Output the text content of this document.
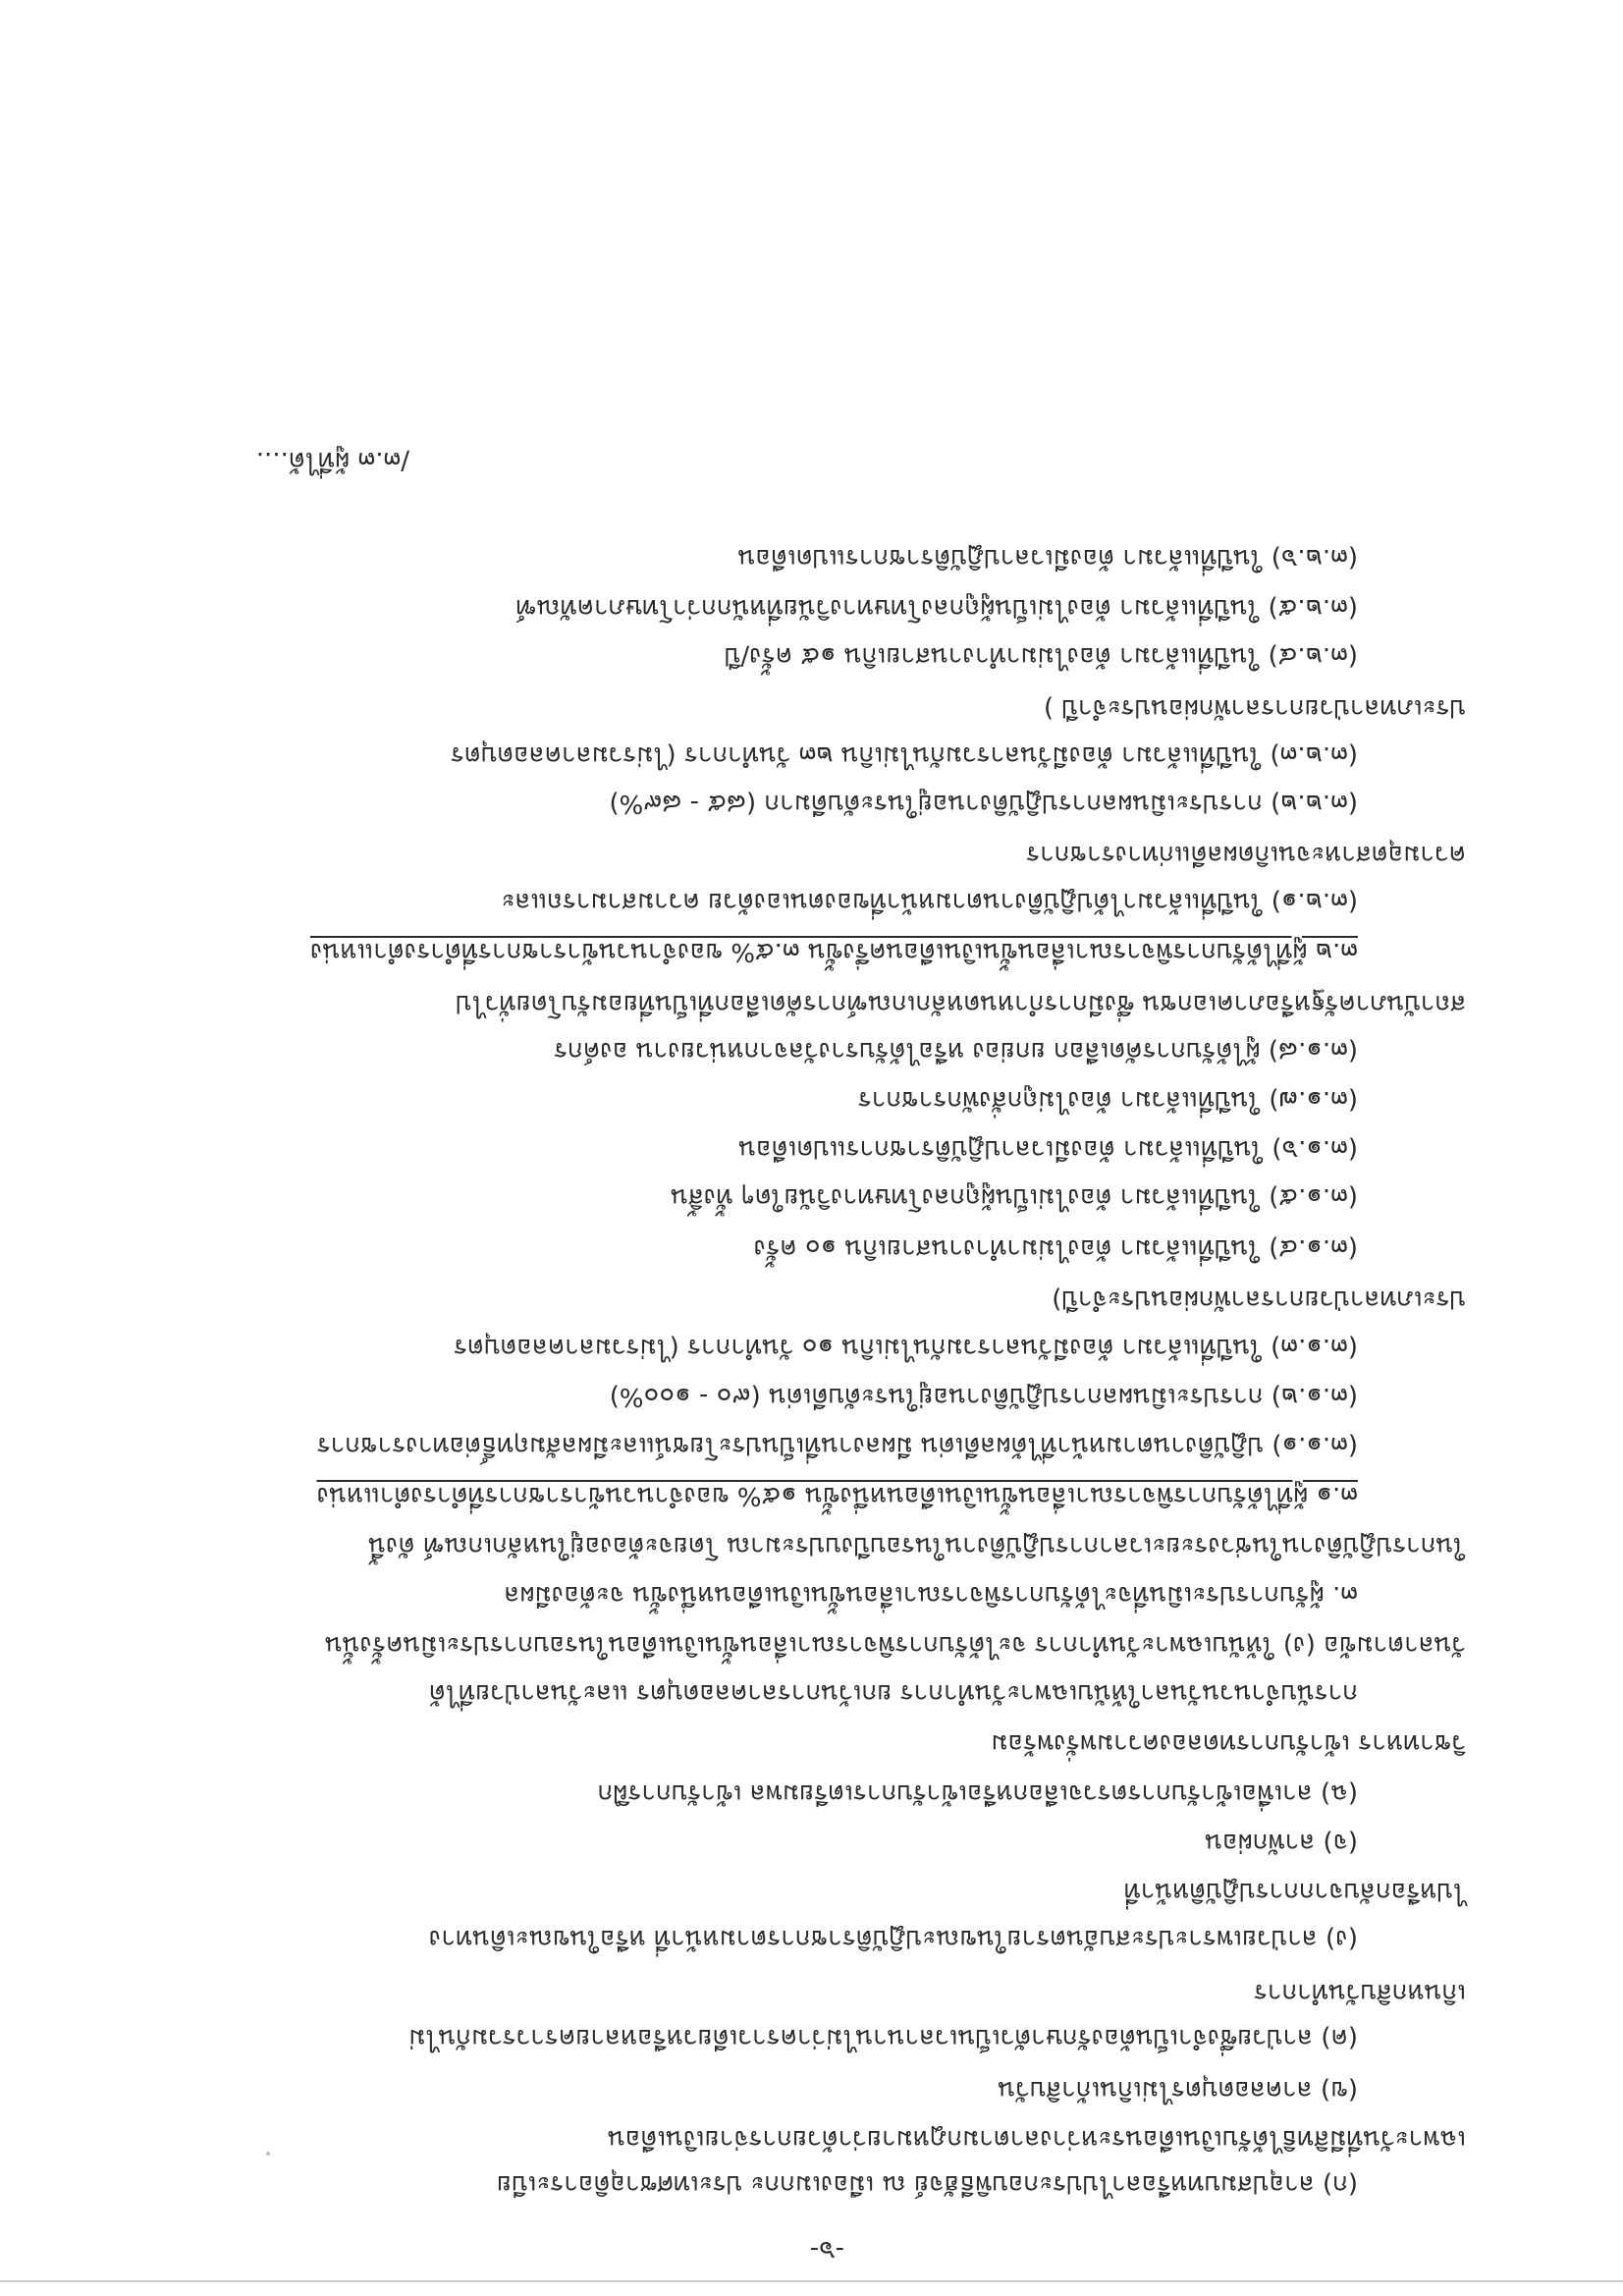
-๖-
(ก) ลาอุปสมบทหรือลาไปประกอบพิธีฮัจย์ ณ เมืองเมกกะ ประเทศซาอุดิอาระเบีย
เฉพาะวันที่มีสิทธิได้รับเงินเดือนระหว่างลาตามกฎหมายว่าด้วยการจ่ายเงินเดือน
(ข) ลาคลอดบุตรไม่เกินเก้าสิบวัน
(ค) ลาป่วยซึ่งจำเป็นต้องรักษาตัวเป็นเวลานานไม่ว่าคราวเดียวหรือหลายคราวรวมกันไม่
เกินหกสิบวันทำการ
(ง) ลาป่วยเพราะประสบอันตรายในขณะปฏิบัติราชการตามหน้าที่ หรือในขณะเดินทาง
ไปหรือกลับจากการปฏิบัติหน้าที่
(จ) ลาพักผ่อน
(ฉ) ลาเพื่อเข้ารับการตรวจเลือกหรือเข้ารับการเตรียมพล เข้ารับการฝึก
วิชาทหาร เข้ารับการทดลองความพรั่งพร้อม
การนับจำนวนวันลาให้นับเฉพาะวันทำการ ยกเว้นการลาคลอดบุตร และวันลาป่วยที่ได้
วันลาตามข้อ (ง) ให้นับเฉพาะวันทำการ จะได้รับการพิจารณาเลื่อนขั้นเงินเดือนในรอบการประเมินครั้งนั้น
๓. ผู้รับการประเมินที่จะได้รับการพิจารณาเลื่อนขั้นเงินเดือนหนึ่งขั้น จะต้องมีผล
ในการปฏิบัติงานในช่วงระยะเวลาการปฏิบัติงานในรอบปีงบประมาณ โดยจะต้องอยู่ในหลักเกณฑ์ ดังนี้
๓.๑ ผู้ที่ได้รับการพิจารณาเลื่อนขั้นเงินเดือนหนึ่งขั้น ๑๕% ของจำนวนข้าราชการที่ดำรงตำแหน่ง
(๓.๑.๑) ปฏิบัติงานตามหน้าที่ได้ผลดีเด่น มีผลงานที่เป็นประโยชน์และมีผลสัมฤทธิ์ต่อทางราชการ
(๓.๑.๒) การประเมินผลการปฏิบัติงานอยู่ในระดับดีเด่น (๙๐ - ๑๐๐%)
(๓.๑.๓) ในปีที่แล้วมา ต้องมีวันลารวมกันไม่เกิน ๑๐ วันทำการ (ไม่รวมลาคลอดบุตร
ประเภทลาป่วยการลาพักผ่อนประจำปี)
(๓.๑.๔) ในปีที่แล้วมา ต้องไม่มาทำงานสายเกิน ๑๐ ครั้ง
(๓.๑.๕) ในปีที่แล้วมา ต้องไม่เป็นผู้ถูกลงโทษทางวินัยใดๆ ทั้งสิ้น
(๓.๑.๖) ในปีที่แล้วมา ต้องมีเวลาปฏิบัติราชการแปดเดือน
(๓.๑.๗) ในปีที่แล้วมา ต้องไม่ถูกสั่งพักราชการ
(๓.๑.๘) ผู้ได้รับการคัดเลือก ยกย่อง หรือได้รับรางวัลจากหน่วยงาน องค์กร
สถาบันภาครัฐหรือภาคเอกชน ซึ่งมีการกำหนดหลักเกณฑ์การคัดเลือกที่เป็นที่ยอมรับโดยทั่วไป
๓.๒ ผู้ที่ได้รับการพิจารณาเลื่อนขั้นเงินเดือนครึ่งขั้น ๓.๕% ของจำนวนข้าราชการที่ดำรงตำแหน่ง
(๓.๒.๑) ในปีที่แล้วมาได้ปฏิบัติงานตามหน้าที่ของตนเองด้วย ความสามารถและ
ความอุตสาหะจนเกิดผลดีแก่ทางราชการ
(๓.๒.๒) การประเมินผลการปฏิบัติงานอยู่ในระดับดีมาก (๘๕ - ๘๙%)
(๓.๒.๓) ในปีที่แล้วมา ต้องมีวันลารวมกันไม่เกิน ๒๓ วันทำการ (ไม่รวมลาคลอดบุตร
ประเภทลาป่วยการลาพักผ่อนประจำปี )
(๓.๒.๔) ในปีที่แล้วมา ต้องไม่มาทำงานสายเกิน ๑๕ ครั้ง/ปี
(๓.๒.๕) ในปีที่แล้วมา ต้องไม่เป็นผู้ถูกลงโทษทางวินัยที่หนักกว่าโทษภาคทัณฑ์
(๓.๒.๖) ในปีที่แล้วมา ต้องมีเวลาปฏิบัติราชการแปดเดือน
/๓.๓ ผู้ที่ได้....
